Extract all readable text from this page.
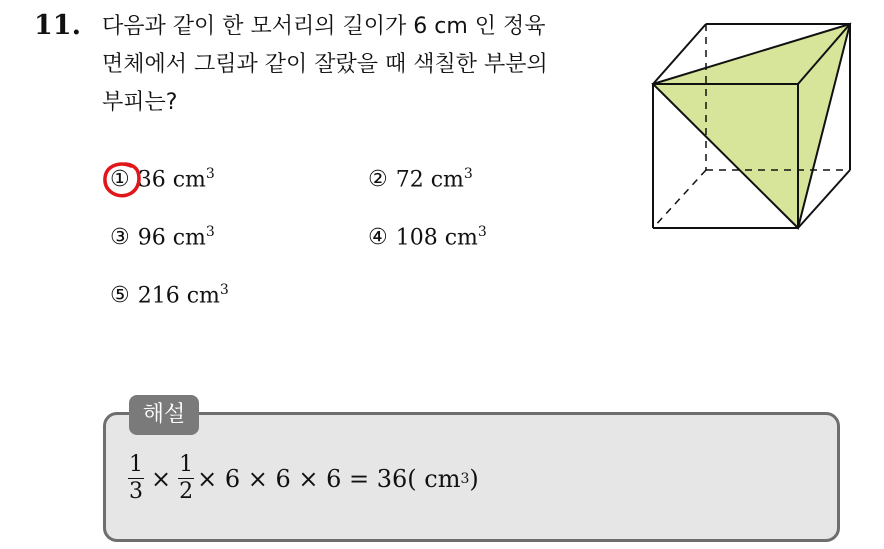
11. 다음과 같이 한 모서리의 길이가 6 cm 인 정육
면체에서 그림과 같이 잘랐을 때 색칠한 부분의
부피는?
① 36 $cm^3$	② 72 $cm^3$
③ 96 $cm^3$	④ 108 $cm^3$
⑤ 216 $cm^3$
해설
$\frac{1}{3} \times \frac{1}{2} \times 6 \times 6 \times 6 = 36$( cm 3 )
